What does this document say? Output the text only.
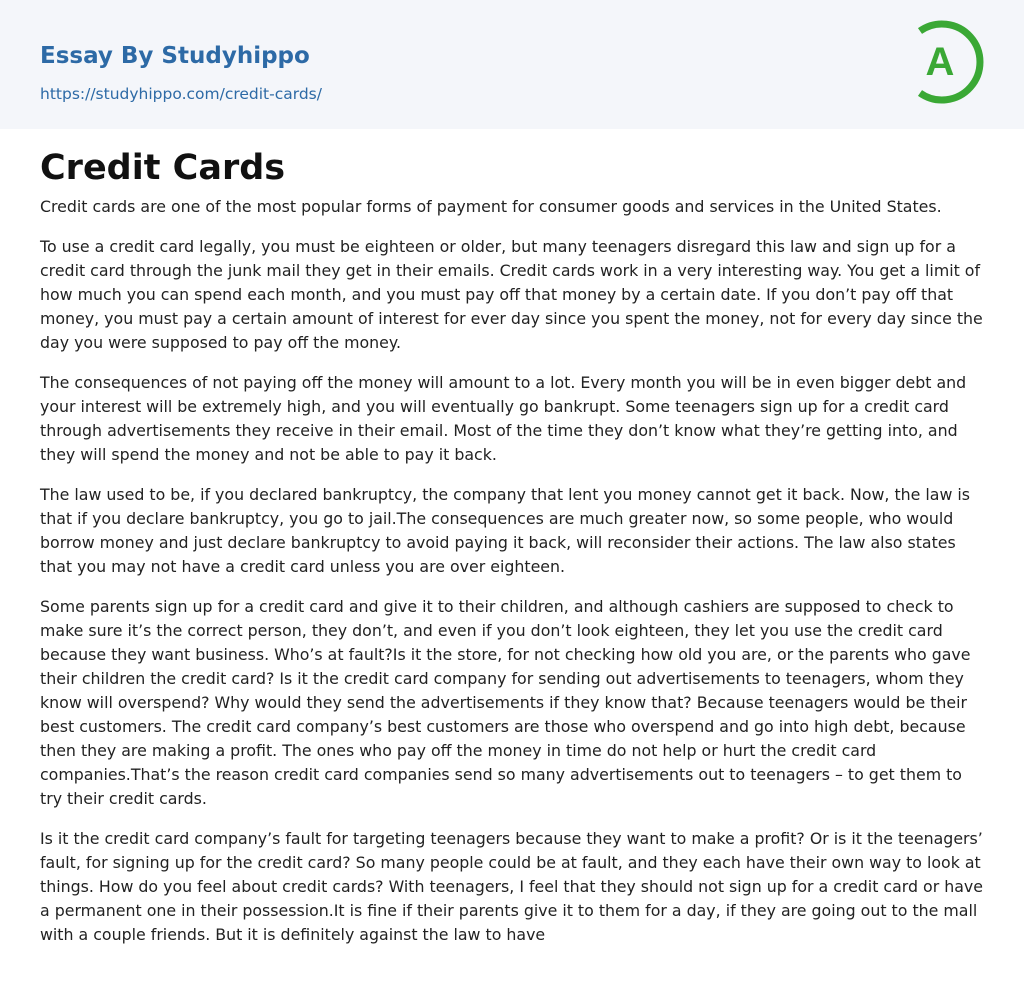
Essay By Studyhippo
https://studyhippo.com/credit-cards/
A
Credit Cards

Credit cards are one of the most popular forms of payment for consumer goods and services in the United States.

To use a credit card legally, you must be eighteen or older, but many teenagers disregard this law and sign up for a credit card through the junk mail they get in their emails. Credit cards work in a very interesting way. You get a limit of how much you can spend each month, and you must pay off that money by a certain date. If you don’t pay off that money, you must pay a certain amount of interest for ever day since you spent the money, not for every day since the day you were supposed to pay off the money.

The consequences of not paying off the money will amount to a lot. Every month you will be in even bigger debt and your interest will be extremely high, and you will eventually go bankrupt. Some teenagers sign up for a credit card through advertisements they receive in their email. Most of the time they don’t know what they’re getting into, and they will spend the money and not be able to pay it back.

The law used to be, if you declared bankruptcy, the company that lent you money cannot get it back. Now, the law is that if you declare bankruptcy, you go to jail.The consequences are much greater now, so some people, who would borrow money and just declare bankruptcy to avoid paying it back, will reconsider their actions. The law also states that you may not have a credit card unless you are over eighteen.

Some parents sign up for a credit card and give it to their children, and although cashiers are supposed to check to make sure it’s the correct person, they don’t, and even if you don’t look eighteen, they let you use the credit card because they want business. Who’s at fault?Is it the store, for not checking how old you are, or the parents who gave their children the credit card? Is it the credit card company for sending out advertisements to teenagers, whom they know will overspend? Why would they send the advertisements if they know that? Because teenagers would be their best customers. The credit card company’s best customers are those who overspend and go into high debt, because then they are making a profit. The ones who pay off the money in time do not help or hurt the credit card companies.That’s the reason credit card companies send so many advertisements out to teenagers – to get them to try their credit cards.

Is it the credit card company’s fault for targeting teenagers because they want to make a profit? Or is it the teenagers’ fault, for signing up for the credit card? So many people could be at fault, and they each have their own way to look at things. How do you feel about credit cards? With teenagers, I feel that they should not sign up for a credit card or have a permanent one in their possession.It is fine if their parents give it to them for a day, if they are going out to the mall with a couple friends. But it is definitely against the law to have
